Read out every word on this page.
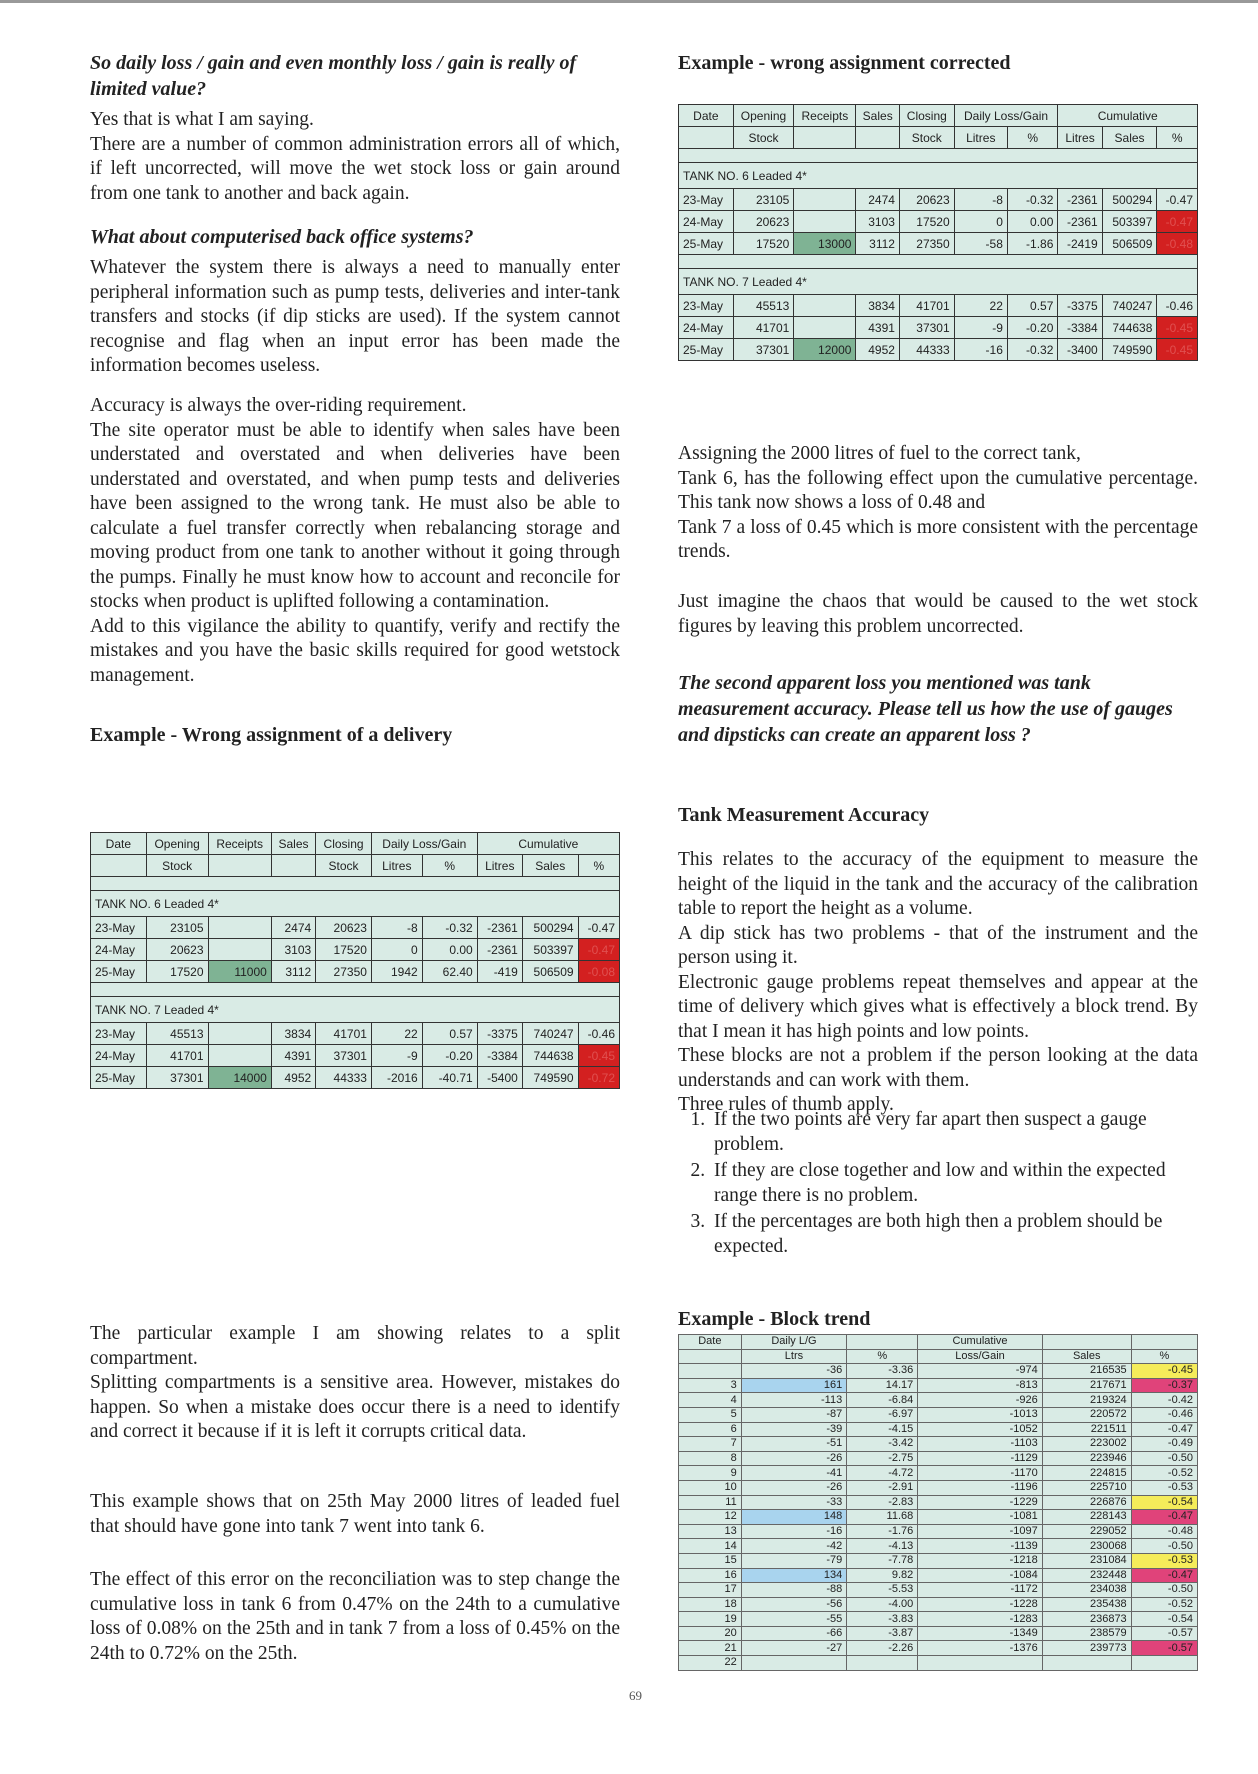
So daily loss / gain and even monthly loss / gain is really of limited value?
Yes that is what I am saying.
There are a number of common administration errors all of which, if left uncorrected, will move the wet stock loss or gain around from one tank to another and back again.
What about computerised back office systems?
Whatever the system there is always a need to manually enter peripheral information such as pump tests, deliveries and inter-tank transfers and stocks (if dip sticks are used). If the system cannot recognise and flag when an input error has been made the information becomes useless.
Accuracy is always the over-riding requirement.
The site operator must be able to identify when sales have been understated and overstated and when deliveries have been understated and overstated, and when pump tests and deliveries have been assigned to the wrong tank. He must also be able to calculate a fuel transfer correctly when rebalancing storage and moving product from one tank to another without it going through the pumps. Finally he must know how to account and reconcile for stocks when product is uplifted following a contamination.
Add to this vigilance the ability to quantify, verify and rectify the mistakes and you have the basic skills required for good wetstock management.
Example - Wrong assignment of a delivery
Date	Opening	Receipts	Sales	Closing	Daily Loss/Gain		Cumulative		
	Stock			Stock	Litres	%	Litres	Sales	%

TANK NO. 6 Leaded 4*									
23-May	23105		2474	20623	-8	-0.32	-2361	500294	-0.47
24-May	20623		3103	17520	0	0.00	-2361	503397	-0.47
25-May	17520	11000	3112	27350	1942	62.40	-419	506509	-0.08

TANK NO. 7 Leaded 4*									
23-May	45513		3834	41701	22	0.57	-3375	740247	-0.46
24-May	41701		4391	37301	-9	-0.20	-3384	744638	-0.45
25-May	37301	14000	4952	44333	-2016	-40.71	-5400	749590	-0.72
The particular example I am showing relates to a split compartment.
Splitting compartments is a sensitive area. However, mistakes do happen. So when a mistake does occur there is a need to identify and correct it because if it is left it corrupts critical data.
This example shows that on 25th May 2000 litres of leaded fuel that should have gone into tank 7 went into tank 6.
The effect of this error on the reconciliation was to step change the cumulative loss in tank 6 from 0.47% on the 24th to a cumulative loss of 0.08% on the 25th and in tank 7 from a loss of 0.45% on the 24th to 0.72% on the 25th.
Example - wrong assignment corrected
Date	Opening	Receipts	Sales	Closing	Daily Loss/Gain		Cumulative		
	Stock			Stock	Litres	%	Litres	Sales	%

TANK NO. 6 Leaded 4*									
23-May	23105		2474	20623	-8	-0.32	-2361	500294	-0.47
24-May	20623		3103	17520	0	0.00	-2361	503397	-0.47
25-May	17520	13000	3112	27350	-58	-1.86	-2419	506509	-0.48

TANK NO. 7 Leaded 4*									
23-May	45513		3834	41701	22	0.57	-3375	740247	-0.46
24-May	41701		4391	37301	-9	-0.20	-3384	744638	-0.45
25-May	37301	12000	4952	44333	-16	-0.32	-3400	749590	-0.45
Assigning the 2000 litres of fuel to the correct tank,
Tank 6, has the following effect upon the cumulative percentage. This tank now shows a loss of 0.48 and
Tank 7 a loss of 0.45 which is more consistent with the percentage trends.
Just imagine the chaos that would be caused to the wet stock figures by leaving this problem uncorrected.
The second apparent loss you mentioned was tank measurement accuracy. Please tell us how the use of gauges and dipsticks can create an apparent loss ?
Tank Measurement Accuracy
This relates to the accuracy of the equipment to measure the height of the liquid in the tank and the accuracy of the calibration table to report the height as a volume.
A dip stick has two problems - that of the instrument and the person using it.
Electronic gauge problems repeat themselves and appear at the time of delivery which gives what is effectively a block trend. By that I mean it has high points and low points.
These blocks are not a problem if the person looking at the data understands and can work with them.
Three rules of thumb apply.
1. If the two points are very far apart then suspect a gauge problem.
2. If they are close together and low and within the expected range there is no problem.
3. If the percentages are both high then a problem should be expected.
Example - Block trend
Date	Daily L/G		Cumulative		
	Ltrs	%	Loss/Gain	Sales	%
	-36	-3.36	-974	216535	-0.45
3	161	14.17	-813	217671	-0.37
4	-113	-6.84	-926	219324	-0.42
5	-87	-6.97	-1013	220572	-0.46
6	-39	-4.15	-1052	221511	-0.47
7	-51	-3.42	-1103	223002	-0.49
8	-26	-2.75	-1129	223946	-0.50
9	-41	-4.72	-1170	224815	-0.52
10	-26	-2.91	-1196	225710	-0.53
11	-33	-2.83	-1229	226876	-0.54
12	148	11.68	-1081	228143	-0.47
13	-16	-1.76	-1097	229052	-0.48
14	-42	-4.13	-1139	230068	-0.50
15	-79	-7.78	-1218	231084	-0.53
16	134	9.82	-1084	232448	-0.47
17	-88	-5.53	-1172	234038	-0.50
18	-56	-4.00	-1228	235438	-0.52
19	-55	-3.83	-1283	236873	-0.54
20	-66	-3.87	-1349	238579	-0.57
21	-27	-2.26	-1376	239773	-0.57
22					
69
